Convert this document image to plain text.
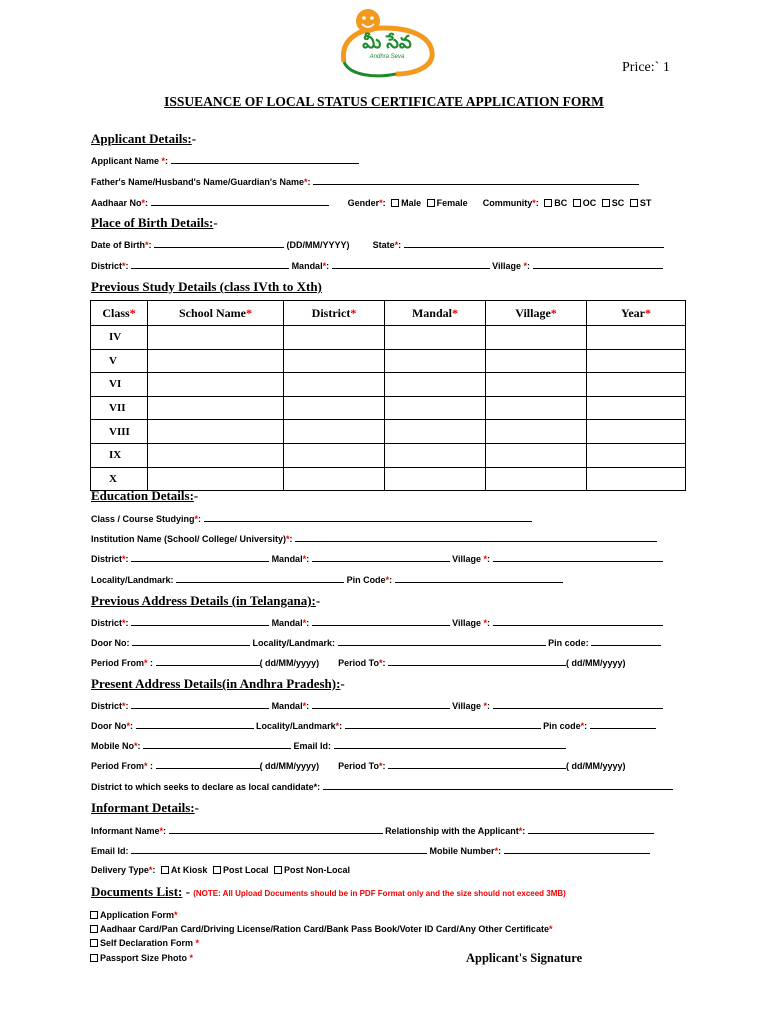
మీ సేవ
Andhra Seva
Price:` 1
ISSUEANCE OF LOCAL STATUS CERTIFICATE APPLICATION FORM
Applicant Details:-
Applicant Name *:
Father's Name/Husband's Name/Guardian's Name*:
Aadhaar No*:	Gender*: Male Female Community*: BC OC SC ST
Place of Birth Details:-
Date of Birth*:	(DD/MM/YYYY)	State*:
District*:	Mandal*:	Village *:
Previous Study Details (class IVth to Xth)
Class*	School Name*	District*	Mandal*	Village*	Year*
IV					
V					
VI					
VII					
VIII					
IX					
X					
Education Details:-
Class / Course Studying*:
Institution Name (School/ College/ University)*:
District*:	Mandal*:	Village *:
Locality/Landmark:	Pin Code*:
Previous Address Details (in Telangana):-
District*:	Mandal*:	Village *:
Door No:	Locality/Landmark:	Pin code:
Period From* :	( dd/MM/yyyy) Period To*:	( dd/MM/yyyy)
Present Address Details(in Andhra Pradesh):-
District*:	Mandal*:	Village *:
Door No*:	Locality/Landmark*:	Pin code*:
Mobile No*:	Email Id:
Period From* :	( dd/MM/yyyy) Period To*:	( dd/MM/yyyy)
District to which seeks to declare as local candidate*:
Informant Details:-
Informant Name*:	Relationship with the Applicant*:
Email Id:	Mobile Number*:
Delivery Type*: At Kiosk Post Local Post Non-Local
Documents List: - (NOTE: All Upload Documents should be in PDF Format only and the size should not exceed 3MB)
Application Form*
Aadhaar Card/Pan Card/Driving License/Ration Card/Bank Pass Book/Voter ID Card/Any Other Certificate*
Self Declaration Form *
Passport Size Photo *	Applicant's Signature
